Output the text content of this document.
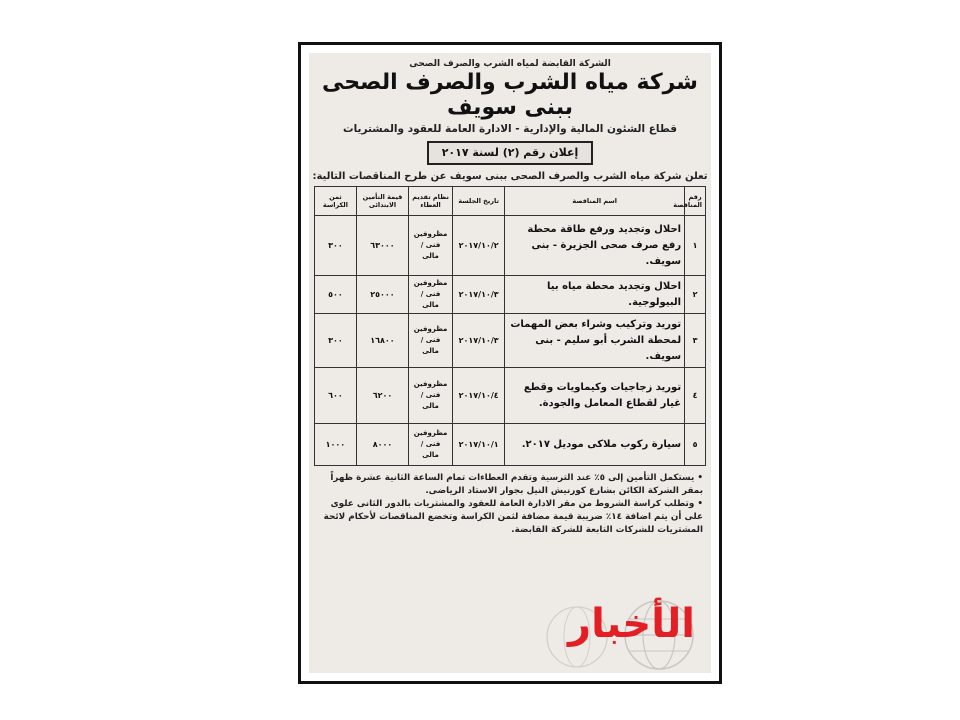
الشركة القابضة لمياه الشرب والصرف الصحى
شركة مياه الشرب والصرف الصحى ببنى سويف
قطاع الشئون المالية والإدارية - الادارة العامة للعقود والمشتريات
إعلان رقم (٢) لسنة ٢٠١٧
تعلن شركة مياه الشرب والصرف الصحى ببنى سويف عن طرح المناقصات التالية:
رقم المناقصة	اسم المناقصة	تاريخ الجلسة	نظام تقديم العطاء	قيمة التأمين الابتدائى	ثمن الكراسة
١	احلال وتجديد ورفع طاقة محطة رفع صرف صحى الجزيرة - بنى سويف.	٢٠١٧/١٠/٢	مظروفين فنى / مالى	٦٣٠٠٠	٣٠٠
٢	احلال وتجديد محطة مياه بيا البيولوجية.	٢٠١٧/١٠/٣	مظروفين فنى / مالى	٢٥٠٠٠	٥٠٠
٣	توريد وتركيب وشراء بعض المهمات لمحطة الشرب أبو سليم - بنى سويف.	٢٠١٧/١٠/٣	مظروفين فنى / مالى	١٦٨٠٠	٣٠٠
٤	توريد زجاجيات وكيماويات وقطع غيار لقطاع المعامل والجودة.	٢٠١٧/١٠/٤	مظروفين فنى / مالى	٦٢٠٠	٦٠٠
٥	سيارة ركوب ملاكى موديل ٢٠١٧.	٢٠١٧/١٠/١	مظروفين فنى / مالى	٨٠٠٠	١٠٠٠

• يستكمل التأمين إلى ٥٪ عند الترسية وتقدم العطاءات تمام الساعة الثانية عشرة ظهراً بمقر الشركة الكائن بشارع كورنيش النيل بجوار الاستاد الرياضى.

• وتطلب كراسة الشروط من مقر الادارة العامة للعقود والمشتريات بالدور الثانى علوى على أن يتم اضافة ١٤٪ ضريبة قيمة مضافة لثمن الكراسة وتخضع المناقصات لأحكام لائحة المشتريات للشركات التابعة للشركة القابضة.

الأخبار
